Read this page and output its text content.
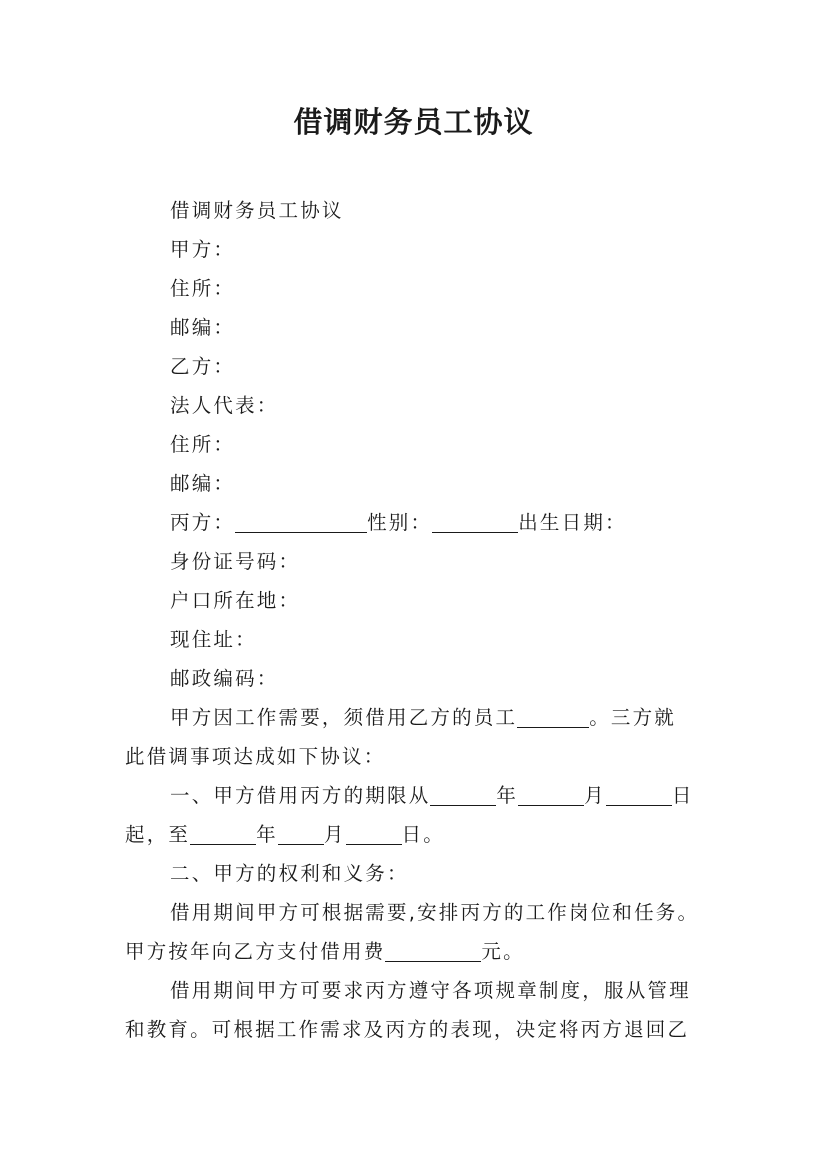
借调财务员工协议
借调财务员工协议
甲方：
住所：
邮编：
乙方：
法人代表：
住所：
邮编：
丙方：	性别：	出生日期：
身份证号码：
户口所在地：
现住址：
邮政编码：
甲方因工作需要，须借用乙方的员工	。三方就
此借调事项达成如下协议：
一、甲方借用丙方的期限从	年	月	日
起，至	年 月	日。
二、甲方的权利和义务：
借用期间甲方可根据需要,安排丙方的工作岗位和任务。
甲方按年向乙方支付借用费	元。
借用期间甲方可要求丙方遵守各项规章制度，服从管理
和教育。可根据工作需求及丙方的表现，决定将丙方退回乙
